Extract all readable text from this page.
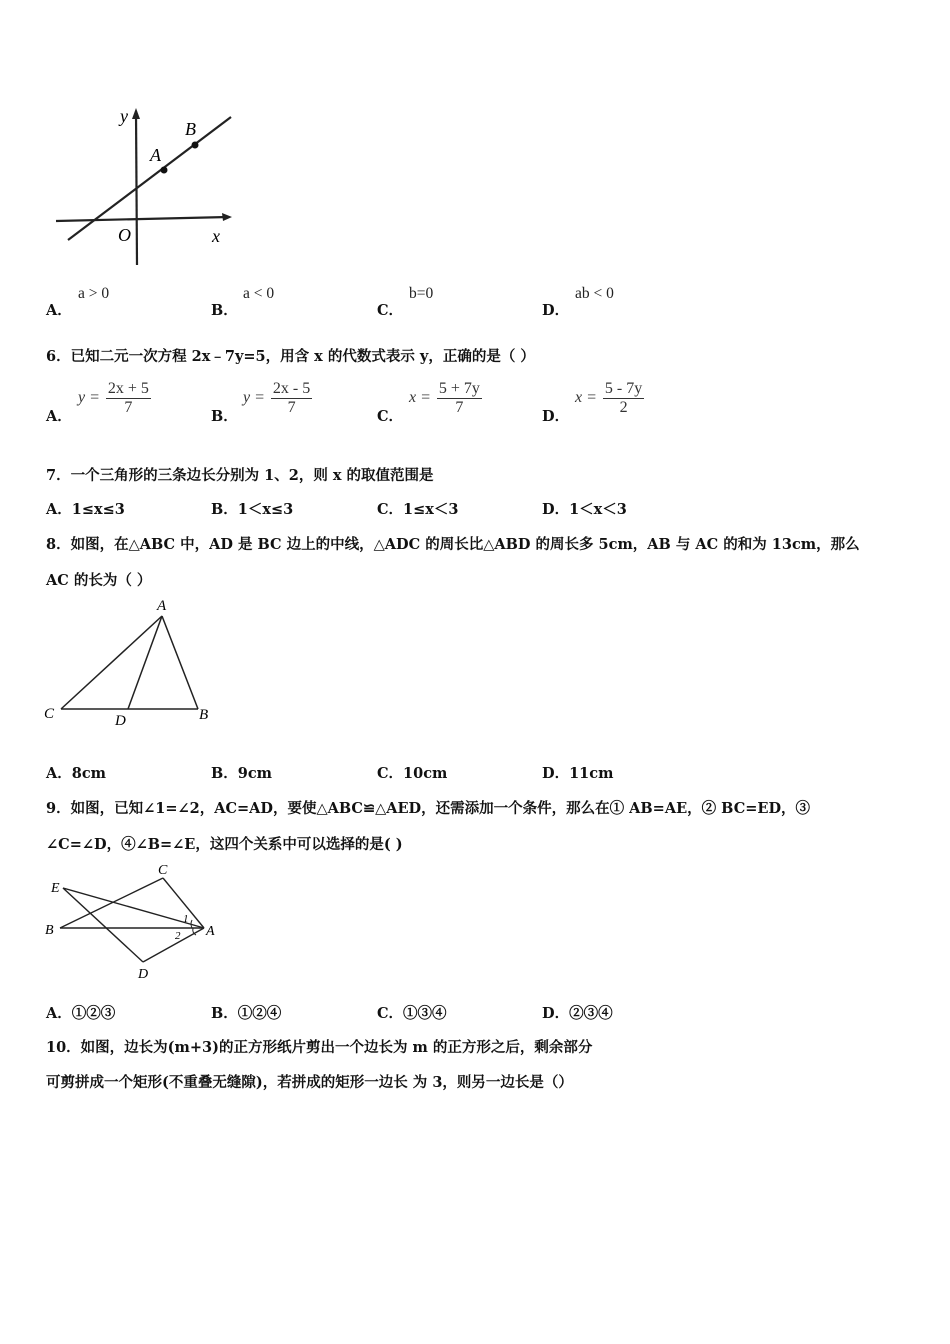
y
x
O
A
B
A．
a > 0
B．
a < 0
C．
b=0
D．
ab < 0
6．已知二元一次方程 2x﹣7y=5，用含 x 的代数式表示 y，正确的是（ ）
A．
$y = \frac{2x + 5}{7}$	B．
$y = \frac{2x - 5}{7}$	C．
$x = \frac{5 + 7y}{7}$	D．
$x = \frac{5 - 7y}{2}$
7．一个三角形的三条边长分别为 1、2，则 x 的取值范围是
A．1≤x≤3	B．1＜x≤3	C．1≤x＜3	D．1＜x＜3
8．如图，在△ABC 中，AD 是 BC 边上的中线，△ADC 的周长比△ABD 的周长多 5cm，AB 与 AC 的和为 13cm，那么
AC 的长为（ ）
A
C	D	B
A．8cm	B．9cm	C．10cm	D．11cm
9．如图，已知∠1=∠2，AC=AD，要使△ABC≌△AED，还需添加一个条件，那么在① AB=AE，② BC=ED，③
∠C=∠D，④∠B=∠E，这四个关系中可以选择的是( )
E
C
B	A
D
1
2
A．①②③	B．①②④	C．①③④	D．②③④
10．如图，边长为(m+3)的正方形纸片剪出一个边长为 m 的正方形之后，剩余部分
可剪拼成一个矩形(不重叠无缝隙)，若拼成的矩形一边长 为 3，则另一边长是（）
